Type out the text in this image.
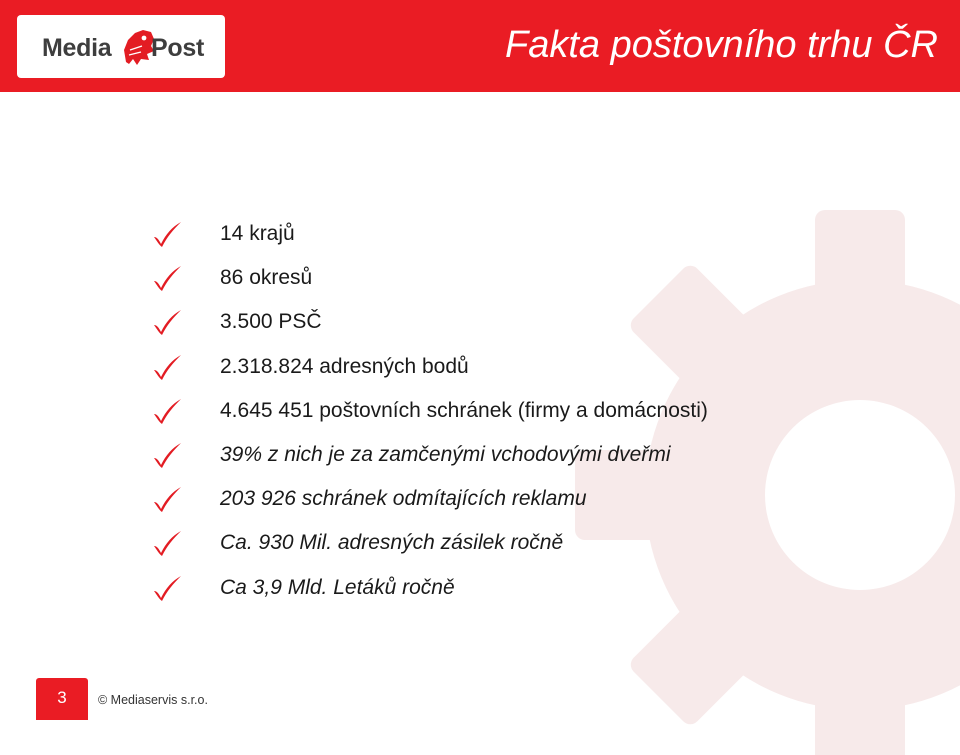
Media Post	Fakta poštovního trhu ČR
14 krajů
86 okresů
3.500 PSČ
2.318.824 adresných bodů
4.645 451 poštovních schránek (firmy a domácnosti)
39% z nich je za zamčenými vchodovými dveřmi
203 926 schránek odmítajících reklamu
Ca. 930 Mil. adresných zásilek ročně
Ca 3,9 Mld. Letáků ročně
3	© Mediaservis s.r.o.
